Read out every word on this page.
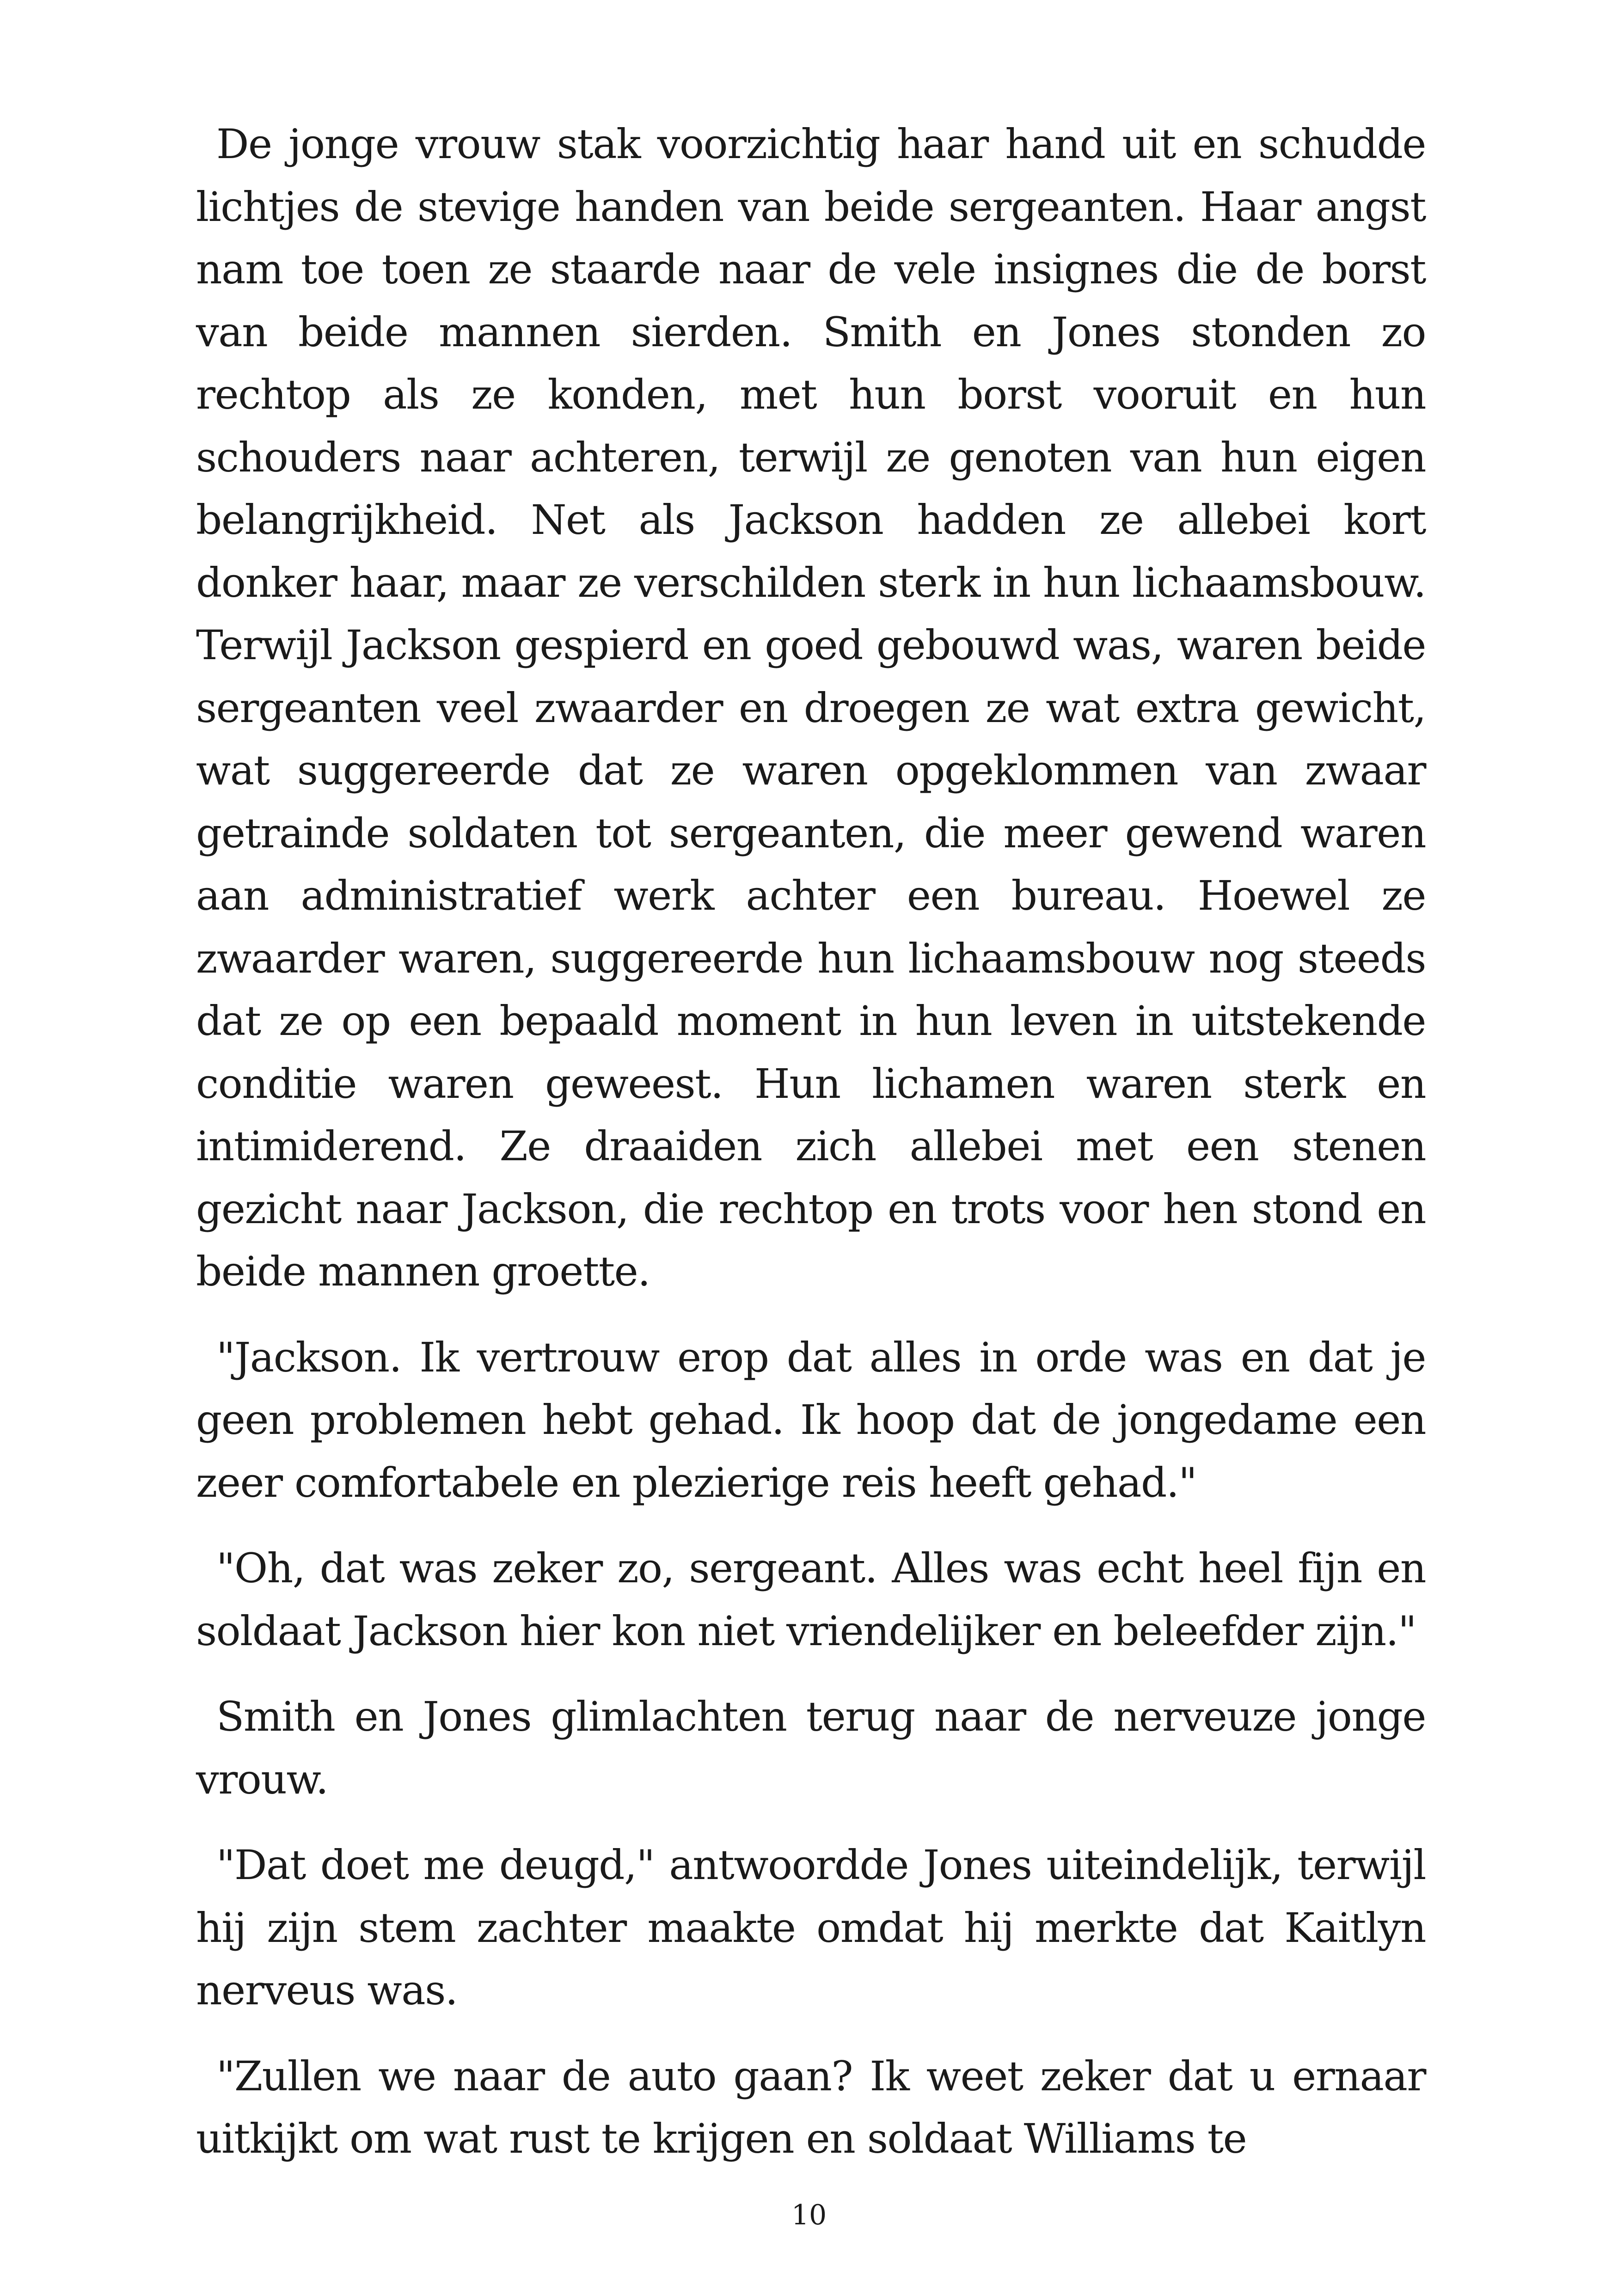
De jonge vrouw stak voorzichtig haar hand uit en schudde lichtjes de stevige handen van beide sergeanten. Haar angst nam toe toen ze staarde naar de vele insignes die de borst van beide mannen sierden. Smith en Jones stonden zo rechtop als ze konden, met hun borst vooruit en hun schouders naar achteren, terwijl ze genoten van hun eigen belangrijkheid. Net als Jackson hadden ze allebei kort donker haar, maar ze verschilden sterk in hun lichaamsbouw. Terwijl Jackson gespierd en goed gebouwd was, waren beide sergeanten veel zwaarder en droegen ze wat extra gewicht, wat suggereerde dat ze waren opgeklommen van zwaar getrainde soldaten tot sergeanten, die meer gewend waren aan administratief werk achter een bureau. Hoewel ze zwaarder waren, suggereerde hun lichaamsbouw nog steeds dat ze op een bepaald moment in hun leven in uitstekende conditie waren geweest. Hun lichamen waren sterk en intimiderend. Ze draaiden zich allebei met een stenen gezicht naar Jackson, die rechtop en trots voor hen stond en beide mannen groette.

"Jackson. Ik vertrouw erop dat alles in orde was en dat je geen problemen hebt gehad. Ik hoop dat de jongedame een zeer comfortabele en plezierige reis heeft gehad."

"Oh, dat was zeker zo, sergeant. Alles was echt heel fijn en soldaat Jackson hier kon niet vriendelijker en beleefder zijn."

Smith en Jones glimlachten terug naar de nerveuze jonge vrouw.

"Dat doet me deugd," antwoordde Jones uiteindelijk, terwijl hij zijn stem zachter maakte omdat hij merkte dat Kaitlyn nerveus was.

"Zullen we naar de auto gaan? Ik weet zeker dat u ernaar uitkijkt om wat rust te krijgen en soldaat Williams te

10
